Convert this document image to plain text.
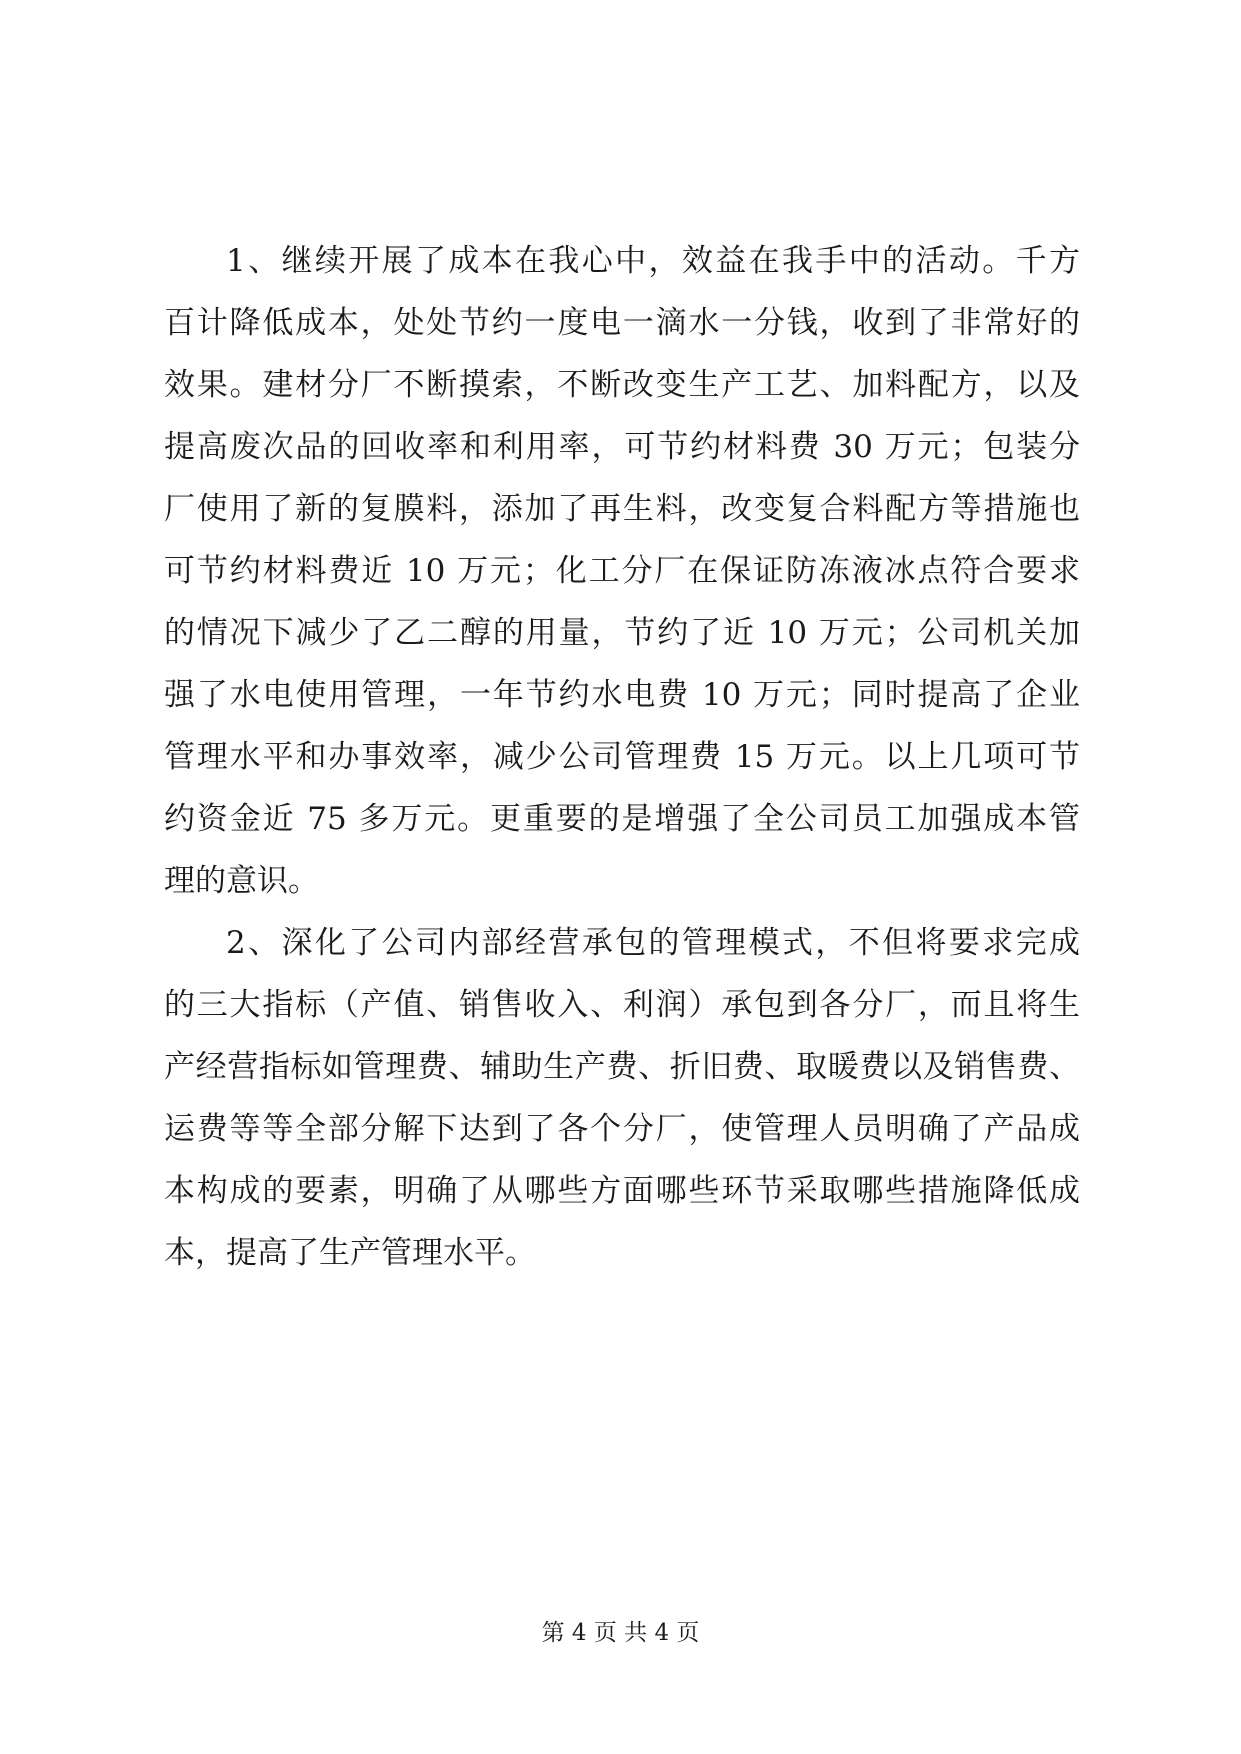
1、继续开展了成本在我心中，效益在我手中的活动。千方
百计降低成本，处处节约一度电一滴水一分钱，收到了非常好的
效果。建材分厂不断摸索，不断改变生产工艺、加料配方，以及
提高废次品的回收率和利用率，可节约材料费 30 万元；包装分
厂使用了新的复膜料，添加了再生料，改变复合料配方等措施也
可节约材料费近 10 万元；化工分厂在保证防冻液冰点符合要求
的情况下减少了乙二醇的用量，节约了近 10 万元；公司机关加
强了水电使用管理，一年节约水电费 10 万元；同时提高了企业
管理水平和办事效率，减少公司管理费 15 万元。以上几项可节
约资金近 75 多万元。更重要的是增强了全公司员工加强成本管
理的意识。
2、深化了公司内部经营承包的管理模式，不但将要求完成
的三大指标（产值、销售收入、利润）承包到各分厂，而且将生
产经营指标如管理费、辅助生产费、折旧费、取暖费以及销售费、
运费等等全部分解下达到了各个分厂，使管理人员明确了产品成
本构成的要素，明确了从哪些方面哪些环节采取哪些措施降低成
本，提高了生产管理水平。
第 4 页 共 4 页
